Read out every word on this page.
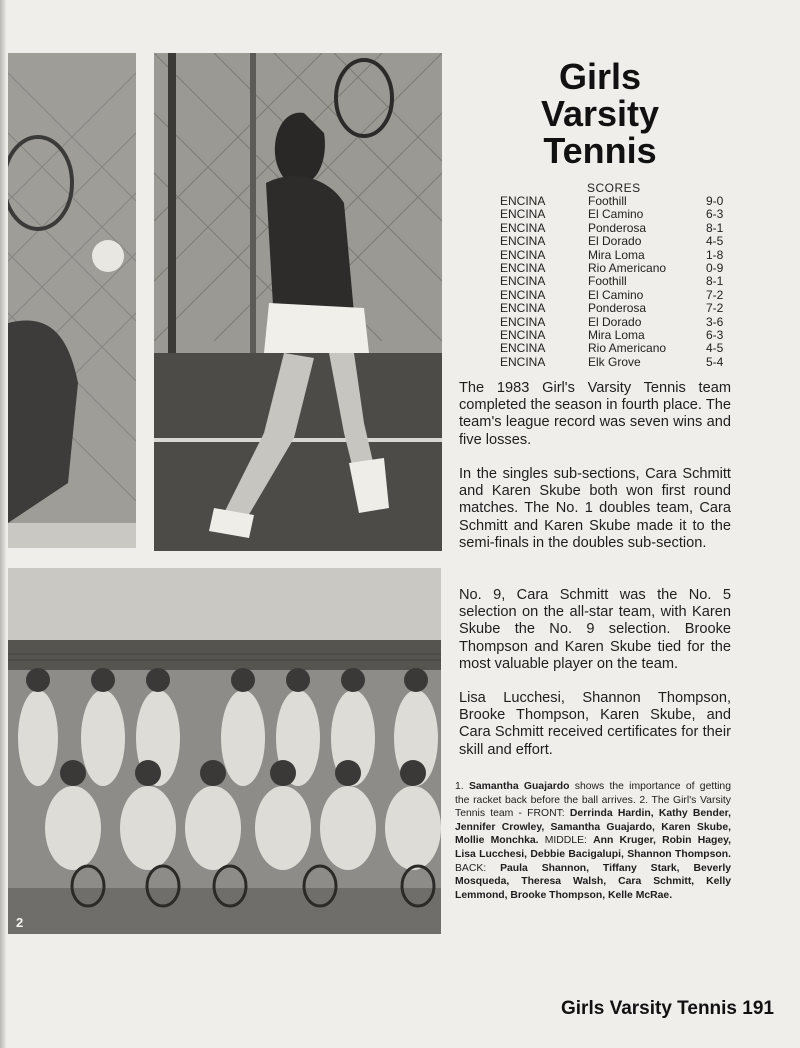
2
Girls
Varsity
Tennis
SCORES
ENCINA	Foothill	9-0
ENCINA	El Camino	6-3
ENCINA	Ponderosa	8-1
ENCINA	El Dorado	4-5
ENCINA	Mira Loma	1-8
ENCINA	Rio Americano	0-9
ENCINA	Foothill	8-1
ENCINA	El Camino	7-2
ENCINA	Ponderosa	7-2
ENCINA	El Dorado	3-6
ENCINA	Mira Loma	6-3
ENCINA	Rio Americano	4-5
ENCINA	Elk Grove	5-4
The 1983 Girl's Varsity Tennis team completed the season in fourth place. The team's league record was seven wins and five losses.
In the singles sub-sections, Cara Schmitt and Karen Skube both won first round matches. The No. 1 doubles team, Cara Schmitt and Karen Skube made it to the semi-finals in the doubles sub-section.
No. 9, Cara Schmitt was the No. 5 selection on the all-star team, with Karen Skube the No. 9 selection. Brooke Thompson and Karen Skube tied for the most valuable player on the team.
Lisa Lucchesi, Shannon Thompson, Brooke Thompson, Karen Skube, and Cara Schmitt received certificates for their skill and effort.
1. Samantha Guajardo shows the importance of getting the racket back before the ball arrives. 2. The Girl's Varsity Tennis team - FRONT: Derrinda Hardin, Kathy Bender, Jennifer Crowley, Samantha Guajardo, Karen Skube, Mollie Monchka. MIDDLE: Ann Kruger, Robin Hagey, Lisa Lucchesi, Debbie Bacigalupi, Shannon Thompson. BACK: Paula Shannon, Tiffany Stark, Beverly Mosqueda, Theresa Walsh, Cara Schmitt, Kelly Lemmond, Brooke Thompson, Kelle McRae.
Girls Varsity Tennis 191
